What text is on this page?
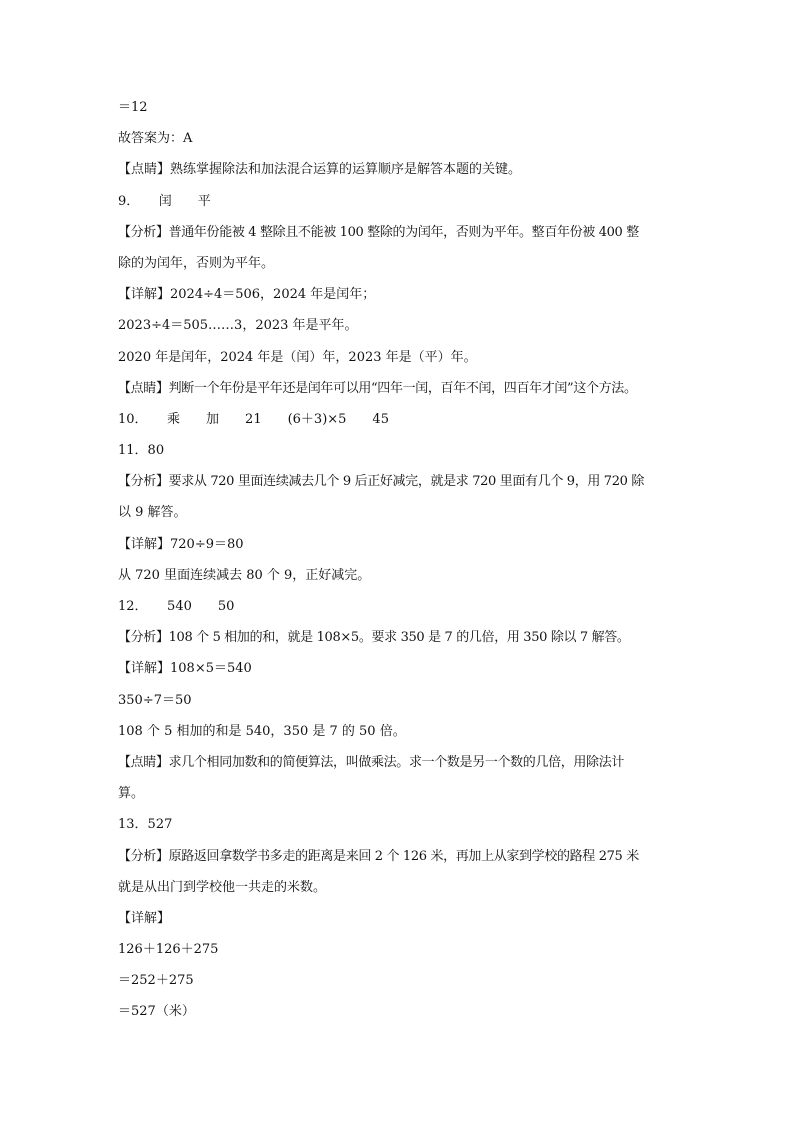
＝12
故答案为：A
【点睛】熟练掌握除法和加法混合运算的运算顺序是解答本题的关键。
9．　　闰　　平
【分析】普通年份能被 4 整除且不能被 100 整除的为闰年，否则为平年。整百年份被 400 整
除的为闰年，否则为平年。
【详解】2024÷4＝506，2024 年是闰年；
2023÷4＝505……3，2023 年是平年。
2020 年是闰年，2024 年是（闰）年，2023 年是（平）年。
【点睛】判断一个年份是平年还是闰年可以用“四年一闰，百年不闰，四百年才闰”这个方法。
10．　　乘　　加　　21　　(6＋3)×5　　45
11．80
【分析】要求从 720 里面连续减去几个 9 后正好减完，就是求 720 里面有几个 9，用 720 除
以 9 解答。
【详解】720÷9＝80
从 720 里面连续减去 80 个 9，正好减完。
12．　　540　　50
【分析】108 个 5 相加的和，就是 108×5。要求 350 是 7 的几倍，用 350 除以 7 解答。
【详解】108×5＝540
350÷7＝50
108 个 5 相加的和是 540，350 是 7 的 50 倍。
【点睛】求几个相同加数和的简便算法，叫做乘法。求一个数是另一个数的几倍，用除法计
算。
13．527
【分析】原路返回拿数学书多走的距离是来回 2 个 126 米，再加上从家到学校的路程 275 米
就是从出门到学校他一共走的米数。
【详解】
126＋126＋275
＝252＋275
＝527（米）
